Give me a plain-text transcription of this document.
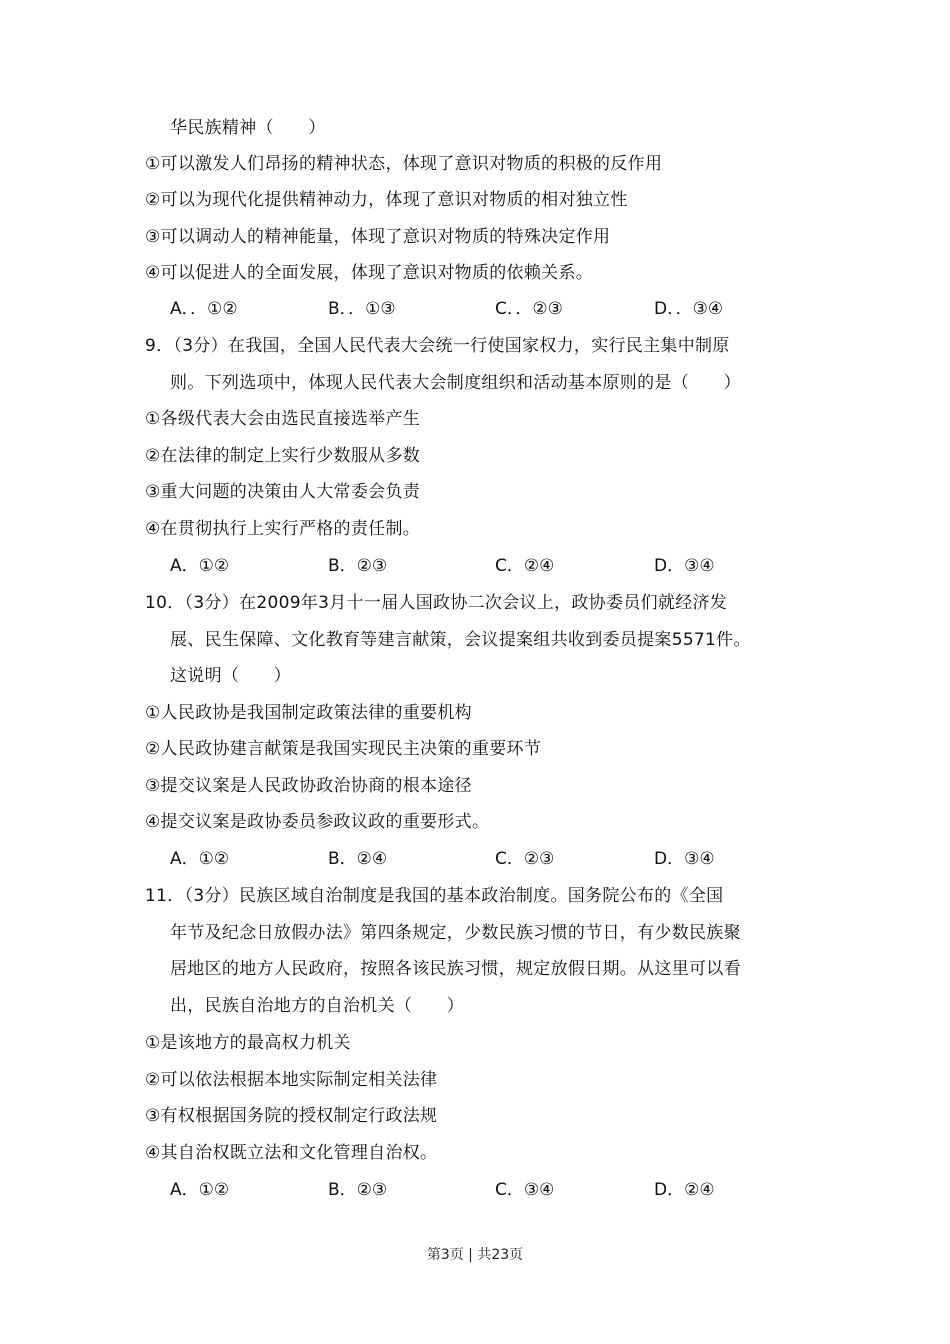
华民族精神（　　）
①可以激发人们昂扬的精神状态，体现了意识对物质的积极的反作用
②可以为现代化提供精神动力，体现了意识对物质的相对独立性
③可以调动人的精神能量，体现了意识对物质的特殊决定作用
④可以促进人的全面发展，体现了意识对物质的依赖关系。
A．．①②	B．．①③	C．．②③	D．．③④
9．（3分）在我国，全国人民代表大会统一行使国家权力，实行民主集中制原
则。下列选项中，体现人民代表大会制度组织和活动基本原则的是（　　）
①各级代表大会由选民直接选举产生
②在法律的制定上实行少数服从多数
③重大问题的决策由人大常委会负责
④在贯彻执行上实行严格的责任制。
A．①②	B．②③	C．②④	D．③④
10．（3分）在2009年3月十一届人国政协二次会议上，政协委员们就经济发
展、民生保障、文化教育等建言献策，会议提案组共收到委员提案5571件。
这说明（　　）
①人民政协是我国制定政策法律的重要机构
②人民政协建言献策是我国实现民主决策的重要环节
③提交议案是人民政协政治协商的根本途径
④提交议案是政协委员参政议政的重要形式。
A．①②	B．②④	C．②③	D．③④
11．（3分）民族区域自治制度是我国的基本政治制度。国务院公布的《全国
年节及纪念日放假办法》第四条规定，少数民族习惯的节日，有少数民族聚
居地区的地方人民政府，按照各该民族习惯，规定放假日期。从这里可以看
出，民族自治地方的自治机关（　　）
①是该地方的最高权力机关
②可以依法根据本地实际制定相关法律
③有权根据国务院的授权制定行政法规
④其自治权既立法和文化管理自治权。
A．①②	B．②③	C．③④	D．②④
第3页 | 共23页
